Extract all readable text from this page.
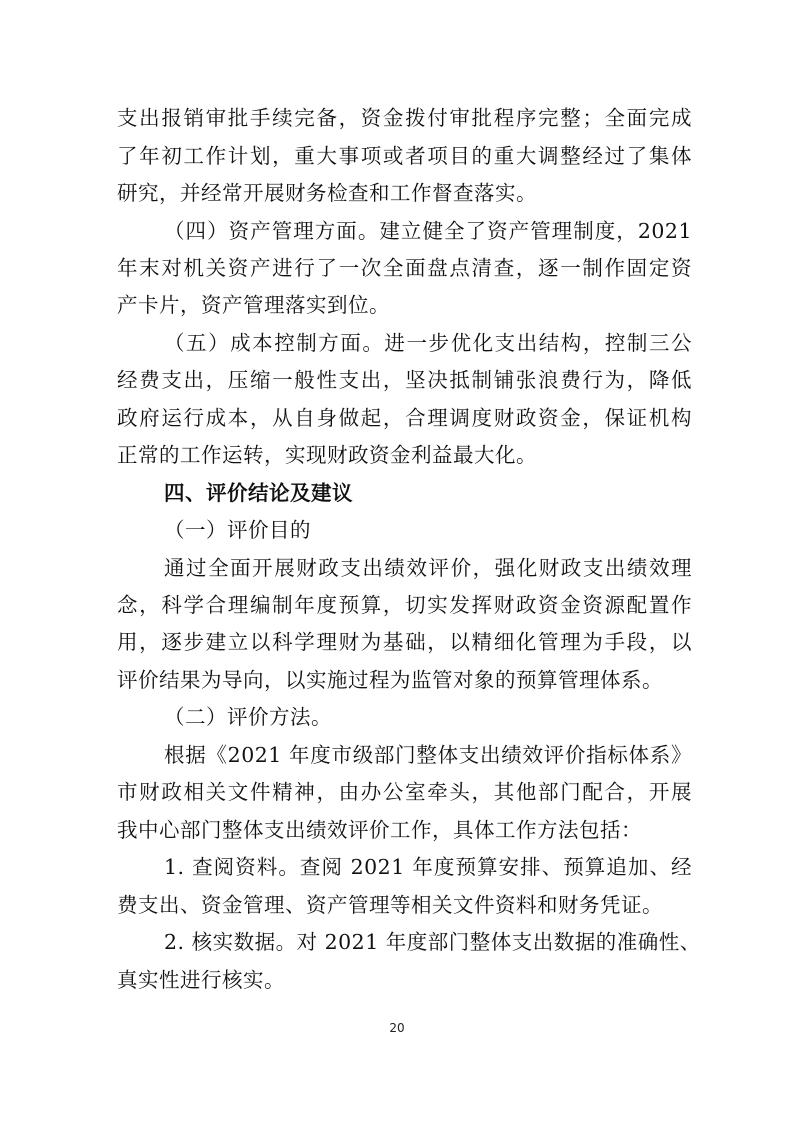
支出报销审批手续完备，资金拨付审批程序完整；全面完成
了年初工作计划，重大事项或者项目的重大调整经过了集体
研究，并经常开展财务检查和工作督查落实。
（四）资产管理方面。建立健全了资产管理制度，2021
年末对机关资产进行了一次全面盘点清查，逐一制作固定资
产卡片，资产管理落实到位。
（五）成本控制方面。进一步优化支出结构，控制三公
经费支出，压缩一般性支出，坚决抵制铺张浪费行为，降低
政府运行成本，从自身做起，合理调度财政资金，保证机构
正常的工作运转，实现财政资金利益最大化。
四、评价结论及建议
（一）评价目的
通过全面开展财政支出绩效评价，强化财政支出绩效理
念，科学合理编制年度预算，切实发挥财政资金资源配置作
用，逐步建立以科学理财为基础，以精细化管理为手段，以
评价结果为导向，以实施过程为监管对象的预算管理体系。
（二）评价方法。
根据《2021 年度市级部门整体支出绩效评价指标体系》
市财政相关文件精神，由办公室牵头，其他部门配合，开展
我中心部门整体支出绩效评价工作，具体工作方法包括：
1. 查阅资料。查阅 2021 年度预算安排、预算追加、经
费支出、资金管理、资产管理等相关文件资料和财务凭证。
2. 核实数据。对 2021 年度部门整体支出数据的准确性、
真实性进行核实。
20
